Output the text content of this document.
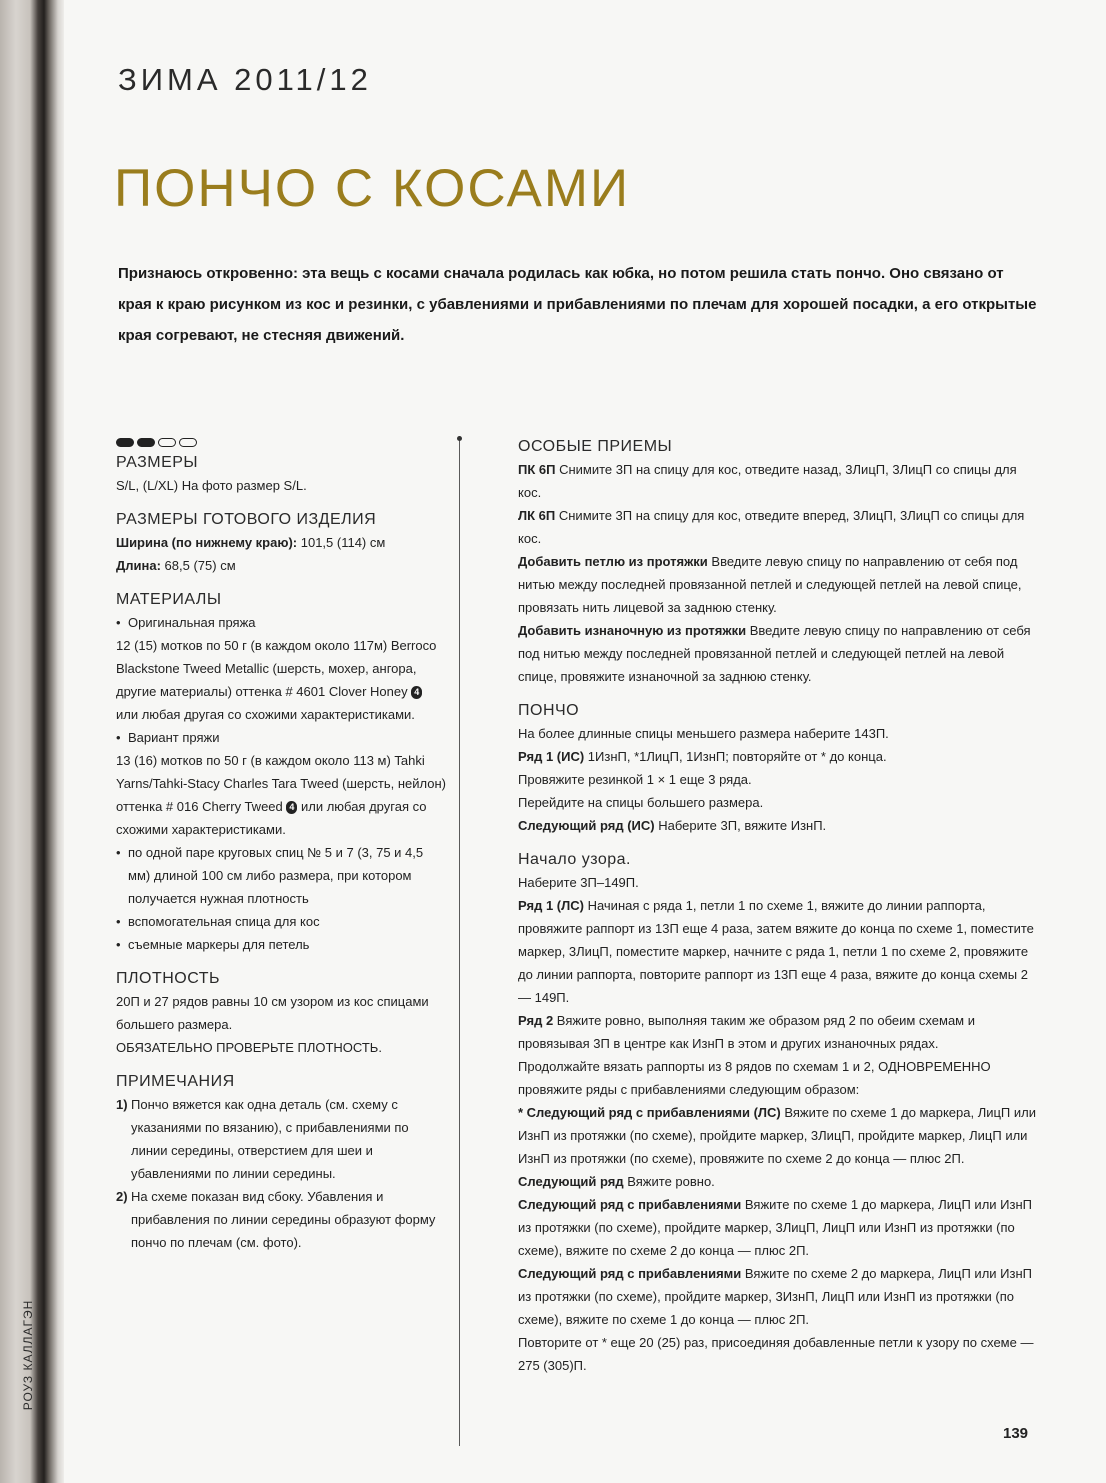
РОУЗ КАЛЛАГЭН
ЗИМА 2011/12
ПОНЧО С КОСАМИ

Признаюсь откровенно: эта вещь с косами сначала родилась как юбка, но потом решила стать пончо. Оно связано от края к краю рисунком из кос и резинки, с убавлениями и прибавлениями по плечам для хорошей посадки, а его открытые края согревают, не стесняя движений.

РАЗМЕРЫ

S/L, (L/XL) На фото размер S/L.

РАЗМЕРЫ ГОТОВОГО ИЗДЕЛИЯ

Ширина (по нижнему краю): 101,5 (114) см

Длина: 68,5 (75) см

МАТЕРИАЛЫ

• Оригинальная пряжа

12 (15) мотков по 50 г (в каждом около 117м) Berroco Blackstone Tweed Metallic (шерсть, мохер, ангора, другие материалы) оттенка # 4601 Clover Honey 4 или любая другая со схожими характеристиками.

• Вариант пряжи

13 (16) мотков по 50 г (в каждом около 113 м) Tahki Yarns/Tahki-Stacy Charles Tara Tweed (шерсть, нейлон) оттенка # 016 Cherry Tweed 4 или любая другая со схожими характеристиками.

• по одной паре круговых спиц № 5 и 7 (3, 75 и 4,5 мм) длиной 100 см либо размера, при котором получается нужная плотность

• вспомогательная спица для кос

• съемные маркеры для петель

ПЛОТНОСТЬ

20П и 27 рядов равны 10 см узором из кос спицами большего размера.

ОБЯЗАТЕЛЬНО ПРОВЕРЬТЕ ПЛОТНОСТЬ.

ПРИМЕЧАНИЯ

1) Пончо вяжется как одна деталь (см. схему с указаниями по вязанию), с прибавлениями по линии середины, отверстием для шеи и убавлениями по линии середины.

2) На схеме показан вид сбоку. Убавления и прибавления по линии середины образуют форму пончо по плечам (см. фото).

ОСОБЫЕ ПРИЕМЫ

ПК 6П Снимите 3П на спицу для кос, отведите назад, 3ЛицП, 3ЛицП со спицы для кос.

ЛК 6П Снимите 3П на спицу для кос, отведите вперед, 3ЛицП, 3ЛицП со спицы для кос.

Добавить петлю из протяжки Введите левую спицу по направлению от себя под нитью между последней провязанной петлей и следующей петлей на левой спице, провязать нить лицевой за заднюю стенку.

Добавить изнаночную из протяжки Введите левую спицу по направлению от себя под нитью между последней провязанной петлей и следующей петлей на левой спице, провяжите изнаночной за заднюю стенку.

ПОНЧО

На более длинные спицы меньшего размера наберите 143П.

Ряд 1 (ИС) 1ИзнП, *1ЛицП, 1ИзнП; повторяйте от * до конца.

Провяжите резинкой 1 × 1 еще 3 ряда.

Перейдите на спицы большего размера.

Следующий ряд (ИС) Наберите 3П, вяжите ИзнП.

Начало узора.

Наберите 3П–149П.

Ряд 1 (ЛС) Начиная с ряда 1, петли 1 по схеме 1, вяжите до линии раппорта, провяжите раппорт из 13П еще 4 раза, затем вяжите до конца по схеме 1, поместите маркер, 3ЛицП, поместите маркер, начните с ряда 1, петли 1 по схеме 2, провяжите до линии раппорта, повторите раппорт из 13П еще 4 раза, вяжите до конца схемы 2 — 149П.

Ряд 2 Вяжите ровно, выполняя таким же образом ряд 2 по обеим схемам и провязывая 3П в центре как ИзнП в этом и других изнаночных рядах.

Продолжайте вязать раппорты из 8 рядов по схемам 1 и 2, ОДНОВРЕМЕННО провяжите ряды с прибавлениями следующим образом:

* Следующий ряд с прибавлениями (ЛС) Вяжите по схеме 1 до маркера, ЛицП или ИзнП из протяжки (по схеме), пройдите маркер, 3ЛицП, пройдите маркер, ЛицП или ИзнП из протяжки (по схеме), провяжите по схеме 2 до конца — плюс 2П.

Следующий ряд Вяжите ровно.

Следующий ряд с прибавлениями Вяжите по схеме 1 до маркера, ЛицП или ИзнП из протяжки (по схеме), пройдите маркер, 3ЛицП, ЛицП или ИзнП из протяжки (по схеме), вяжите по схеме 2 до конца — плюс 2П.

Следующий ряд с прибавлениями Вяжите по схеме 2 до маркера, ЛицП или ИзнП из протяжки (по схеме), пройдите маркер, 3ИзнП, ЛицП или ИзнП из протяжки (по схеме), вяжите по схеме 1 до конца — плюс 2П.

Повторите от * еще 20 (25) раз, присоединяя добавленные петли к узору по схеме — 275 (305)П.

139
